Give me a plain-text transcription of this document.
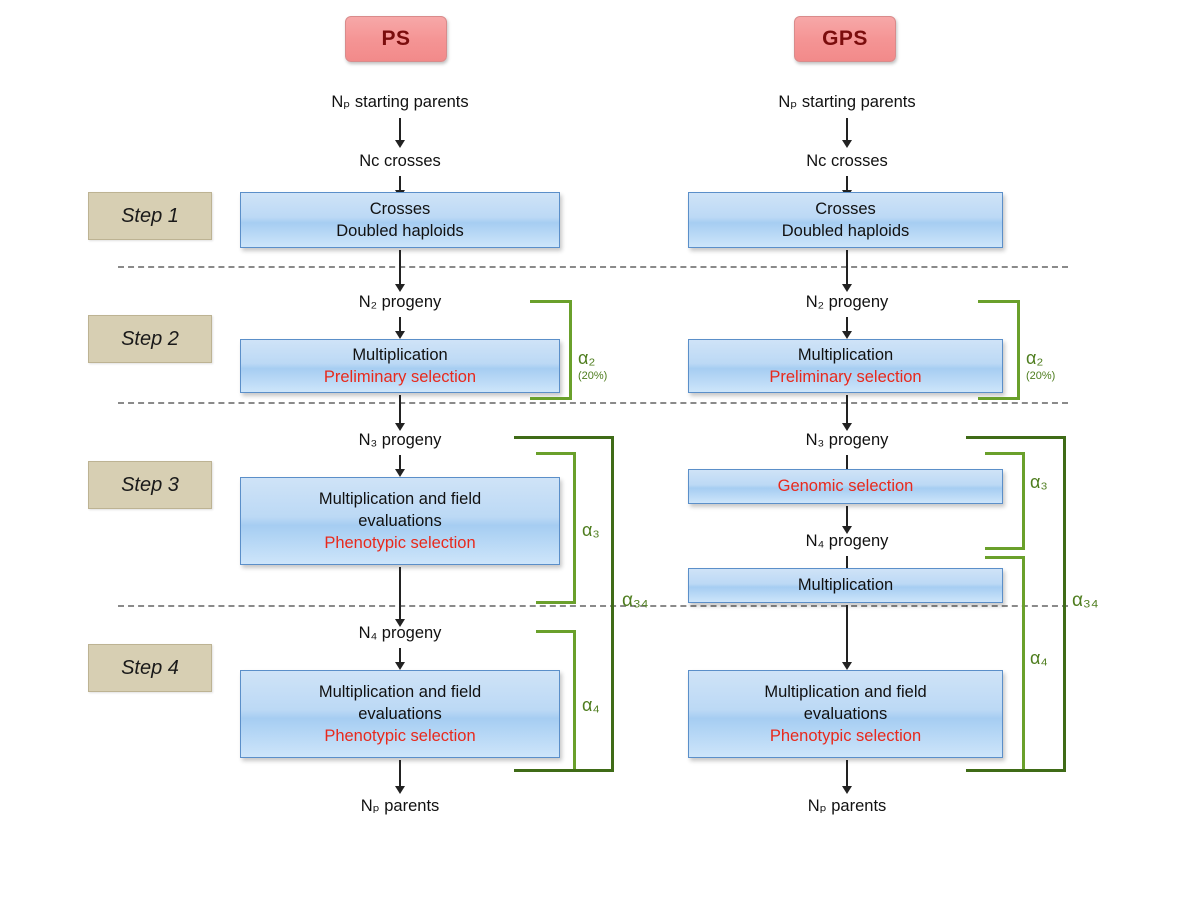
PS	GPS
Step 1
Step 2
Step 3
Step 4
Nₚ starting parents
Nc crosses
Crosses
Doubled haploids
N₂ progeny
Multiplication
Preliminary selection
N₃ progeny
Multiplication and field
evaluations
Phenotypic selection
N₄ progeny
Multiplication and field
evaluations
Phenotypic selection
Nₚ parents
α₂
(20%)
α₃
α₄
α₃₄
Nₚ starting parents
Nc crosses
Crosses
Doubled haploids
N₂ progeny
Multiplication
Preliminary selection
N₃ progeny
Genomic selection
N₄ progeny
Multiplication
Multiplication and field
evaluations
Phenotypic selection
Nₚ parents
α₂
(20%)
α₃
α₄
α₃₄
